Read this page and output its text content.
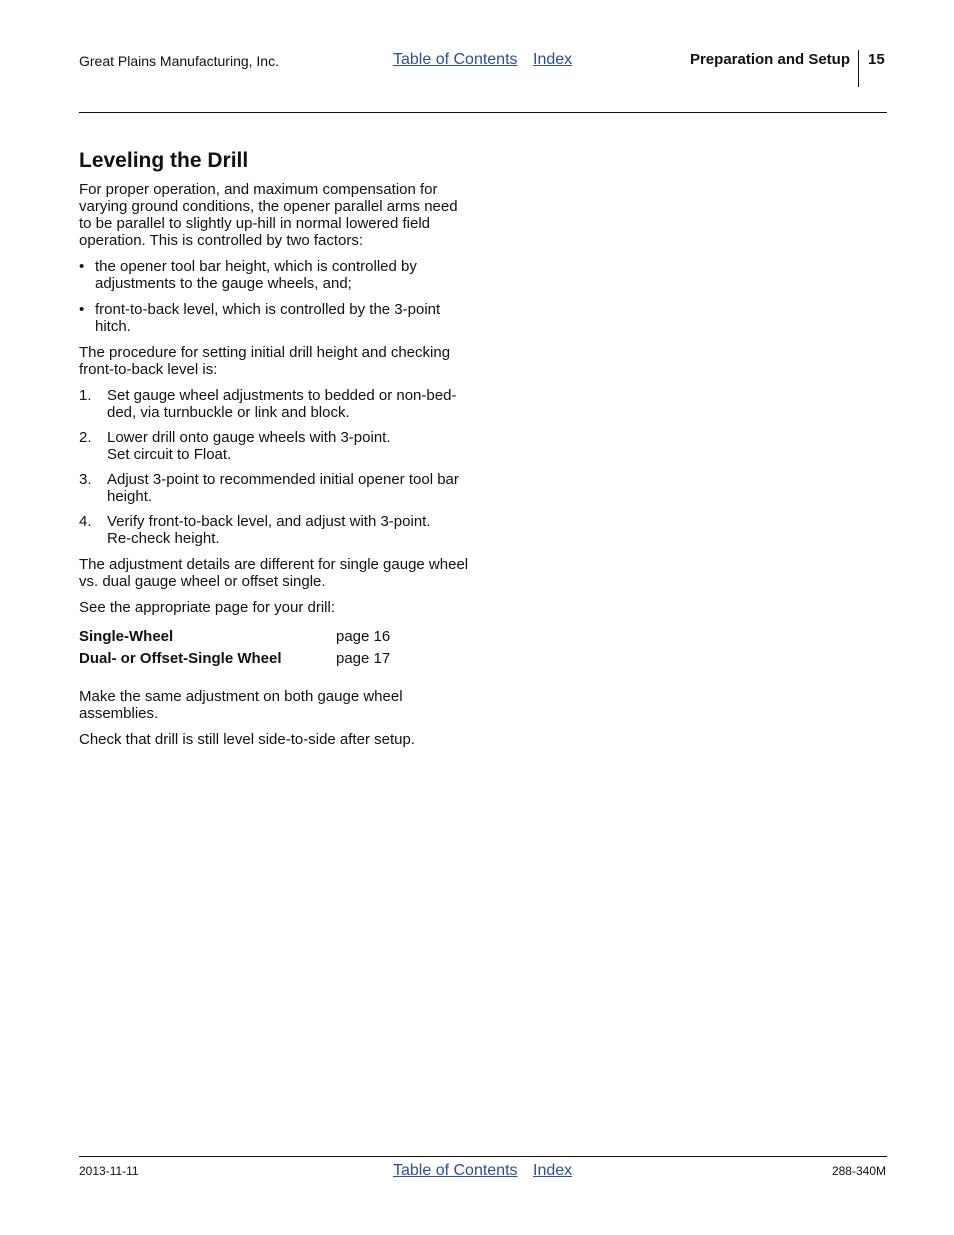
Great Plains Manufacturing, Inc.	Table of Contents Index	Preparation and Setup 15
Leveling the Drill

For proper operation, and maximum compensation for varying ground conditions, the opener parallel arms need to be parallel to slightly up-hill in normal lowered field operation. This is controlled by two factors:

• the opener tool bar height, which is controlled by adjustments to the gauge wheels, and;
• front-to-back level, which is controlled by the 3-point hitch.

The procedure for setting initial drill height and checking front-to-back level is:

1. Set gauge wheel adjustments to bedded or non-bed-ded, via turnbuckle or link and block.
2. Lower drill onto gauge wheels with 3-point.
Set circuit to Float.
3. Adjust 3-point to recommended initial opener tool bar height.
4. Verify front-to-back level, and adjust with 3-point.
Re-check height.

The adjustment details are different for single gauge wheel vs. dual gauge wheel or offset single.

See the appropriate page for your drill:

Single-Wheel	page 16
Dual- or Offset-Single Wheel	page 17

Make the same adjustment on both gauge wheel assemblies.

Check that drill is still level side-to-side after setup.

2013-11-11	Table of Contents Index	288-340M
